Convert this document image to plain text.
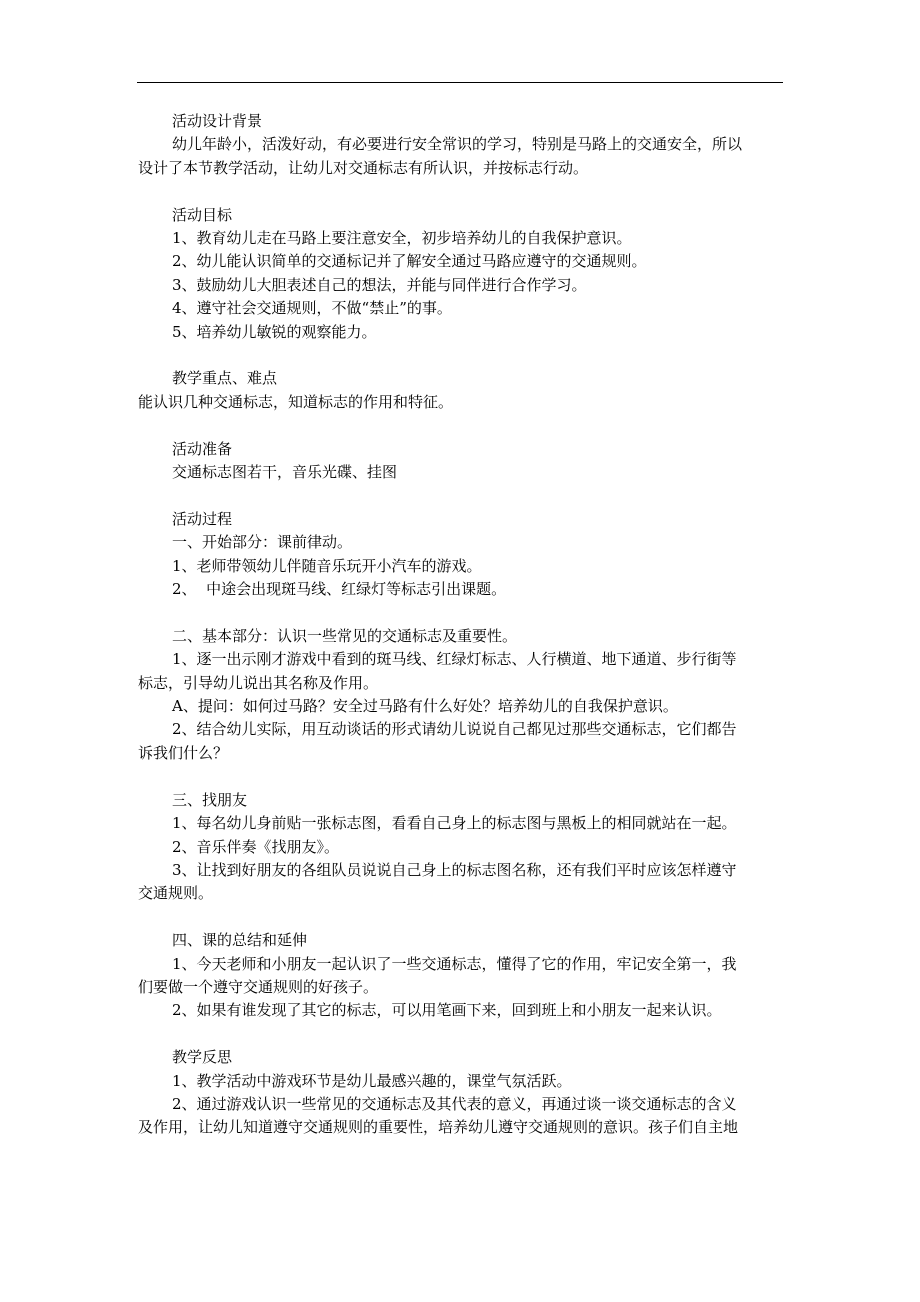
活动设计背景

幼儿年龄小，活泼好动，有必要进行安全常识的学习，特别是马路上的交通安全，所以

设计了本节教学活动，让幼儿对交通标志有所认识，并按标志行动。

活动目标

1、教育幼儿走在马路上要注意安全，初步培养幼儿的自我保护意识。

2、幼儿能认识简单的交通标记并了解安全通过马路应遵守的交通规则。

3、鼓励幼儿大胆表述自己的想法，并能与同伴进行合作学习。

4、遵守社会交通规则，不做“禁止”的事。

5、培养幼儿敏锐的观察能力。

教学重点、难点

能认识几种交通标志，知道标志的作用和特征。

活动准备

交通标志图若干，音乐光碟、挂图

活动过程

一、开始部分：课前律动。

1、老师带领幼儿伴随音乐玩开小汽车的游戏。

2、  中途会出现斑马线、红绿灯等标志引出课题。

二、基本部分：认识一些常见的交通标志及重要性。

1、逐一出示刚才游戏中看到的斑马线、红绿灯标志、人行横道、地下通道、步行街等

标志，引导幼儿说出其名称及作用。

A、提问：如何过马路？安全过马路有什么好处？培养幼儿的自我保护意识。

2、结合幼儿实际，用互动谈话的形式请幼儿说说自己都见过那些交通标志，它们都告

诉我们什么？

三、找朋友

1、每名幼儿身前贴一张标志图，看看自己身上的标志图与黑板上的相同就站在一起。

2、音乐伴奏《找朋友》。

3、让找到好朋友的各组队员说说自己身上的标志图名称，还有我们平时应该怎样遵守

交通规则。

四、课的总结和延伸

1、今天老师和小朋友一起认识了一些交通标志，懂得了它的作用，牢记安全第一，我

们要做一个遵守交通规则的好孩子。

2、如果有谁发现了其它的标志，可以用笔画下来，回到班上和小朋友一起来认识。

教学反思

1、教学活动中游戏环节是幼儿最感兴趣的，课堂气氛活跃。

2、通过游戏认识一些常见的交通标志及其代表的意义，再通过谈一谈交通标志的含义

及作用，让幼儿知道遵守交通规则的重要性，培养幼儿遵守交通规则的意识。孩子们自主地
